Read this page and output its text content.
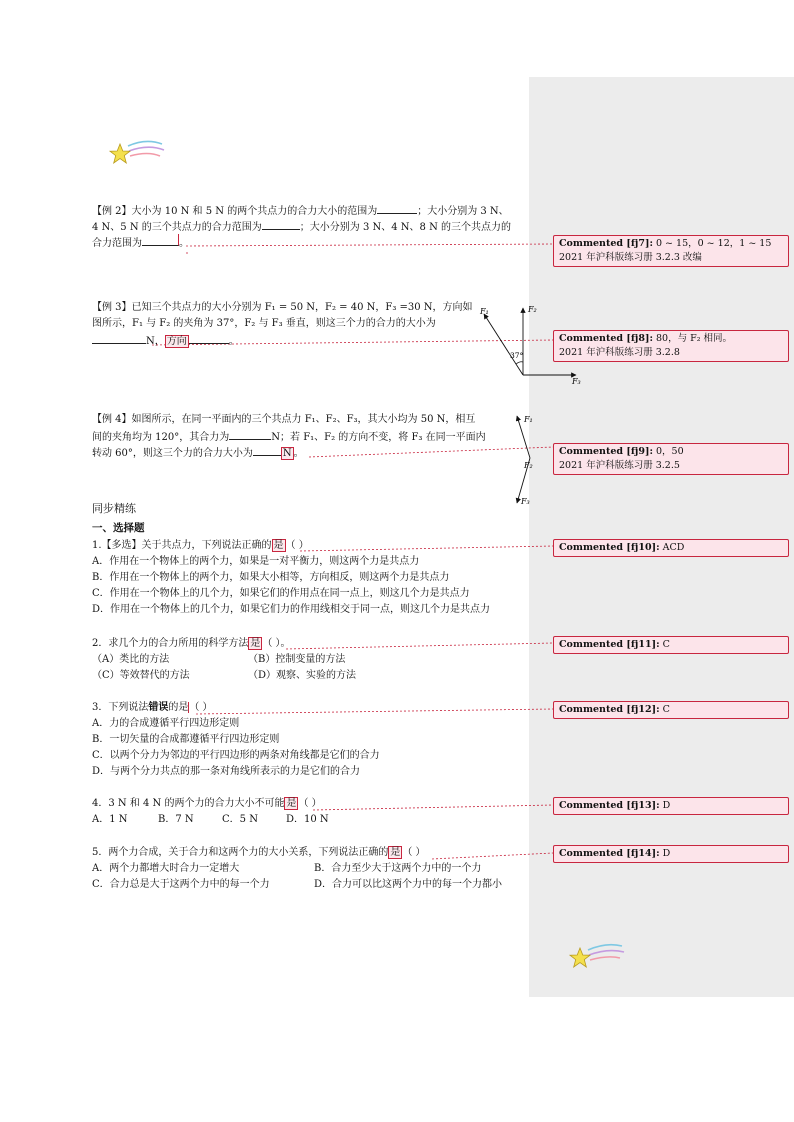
【例 2】大小为 10 N 和 5 N 的两个共点力的合力大小的范围为	；大小分别为 3 N、
4 N、5 N 的三个共点力的合力范围为	；大小分别为 3 N、4 N、8 N 的三个共点力的
合力范围为	。
【例 3】已知三个共点力的大小分别为 F₁ = 50 N，F₂ = 40 N，F₃ =30 N，方向如
图所示，F₁ 与 F₂ 的夹角为 37°，F₂ 与 F₃ 垂直，则这三个力的合力的大小为
N， 方向	。
F₁	F₂
F₃
37°
【例 4】如图所示，在同一平面内的三个共点力 F₁、F₂、F₃，其大小均为 50 N，相互
间的夹角均为 120°，其合力为	N；若 F₁、F₂ 的方向不变，将 F₃ 在同一平面内
转动 60°，则这三个力的合力大小为	N 。
F₁
F₂
F₃
同步精练
一、选择题
1.【多选】关于共点力，下列说法正确的 是 （ ）
A．作用在一个物体上的两个力，如果是一对平衡力，则这两个力是共点力
B．作用在一个物体上的两个力，如果大小相等，方向相反，则这两个力是共点力
C．作用在一个物体上的几个力，如果它们的作用点在同一点上，则这几个力是共点力
D．作用在一个物体上的几个力，如果它们力的作用线相交于同一点，则这几个力是共点力
2．求几个力的合力所用的科学方法 是 （ ）。
（A）类比的方法	（B）控制变量的方法
（C）等效替代的方法	（D）观察、实验的方法
3．下列说法错误的是（ ）
A．力的合成遵循平行四边形定则
B．一切矢量的合成都遵循平行四边形定则
C．以两个分力为邻边的平行四边形的两条对角线都是它们的合力
D．与两个分力共点的那一条对角线所表示的力是它们的合力
4．3 N 和 4 N 的两个力的合力大小不可能 是 （ ）
A．1 N	B．7 N	C．5 N	D．10 N
5．两个力合成，关于合力和这两个力的大小关系，下列说法正确的 是 （ ）
A．两个力都增大时合力一定增大	B．合力至少大于这两个力中的一个力
C．合力总是大于这两个力中的每一个力	D．合力可以比这两个力中的每一个力都小
Commented [fj7]: 0 ~ 15，0 ~ 12，1 ~ 15
2021 年沪科版练习册 3.2.3 改编
Commented [fj8]: 80，与 F₂ 相同。
2021 年沪科版练习册 3.2.8
Commented [fj9]: 0，50
2021 年沪科版练习册 3.2.5
Commented [fj10]: ACD
Commented [fj11]: C
Commented [fj12]: C
Commented [fj13]: D
Commented [fj14]: D
